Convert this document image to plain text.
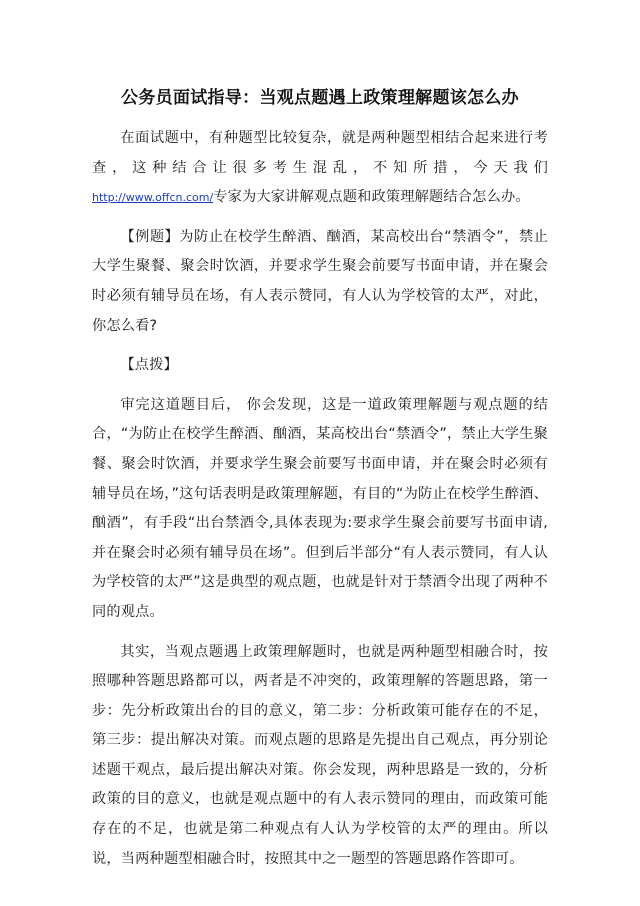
公务员面试指导：当观点题遇上政策理解题该怎么办

在面试题中，有种题型比较复杂，就是两种题型相结合起来进行考查，这种结合让很多考生混乱，不知所措，今天我们 http://www.offcn.com/专家为大家讲解观点题和政策理解题结合怎么办。

【例题】为防止在校学生醉酒、酗酒，某高校出台“禁酒令”，禁止大学生聚餐、聚会时饮酒，并要求学生聚会前要写书面申请，并在聚会时必须有辅导员在场，有人表示赞同，有人认为学校管的太严，对此，你怎么看?

【点拨】

审完这道题目后， 你会发现，这是一道政策理解题与观点题的结合，“为防止在校学生醉酒、酗酒，某高校出台“禁酒令”，禁止大学生聚餐、聚会时饮酒，并要求学生聚会前要写书面申请，并在聚会时必须有辅导员在场，”这句话表明是政策理解题，有目的“为防止在校学生醉酒、酗酒”，有手段“出台禁酒令,具体表现为:要求学生聚会前要写书面申请,并在聚会时必须有辅导员在场”。但到后半部分“有人表示赞同，有人认为学校管的太严”这是典型的观点题，也就是针对于禁酒令出现了两种不同的观点。

其实，当观点题遇上政策理解题时，也就是两种题型相融合时，按照哪种答题思路都可以，两者是不冲突的，政策理解的答题思路，第一步：先分析政策出台的目的意义，第二步：分析政策可能存在的不足，第三步：提出解决对策。而观点题的思路是先提出自己观点，再分别论述题干观点，最后提出解决对策。你会发现，两种思路是一致的，分析政策的目的意义，也就是观点题中的有人表示赞同的理由，而政策可能存在的不足，也就是第二种观点有人认为学校管的太严的理由。所以说，当两种题型相融合时，按照其中之一题型的答题思路作答即可。
